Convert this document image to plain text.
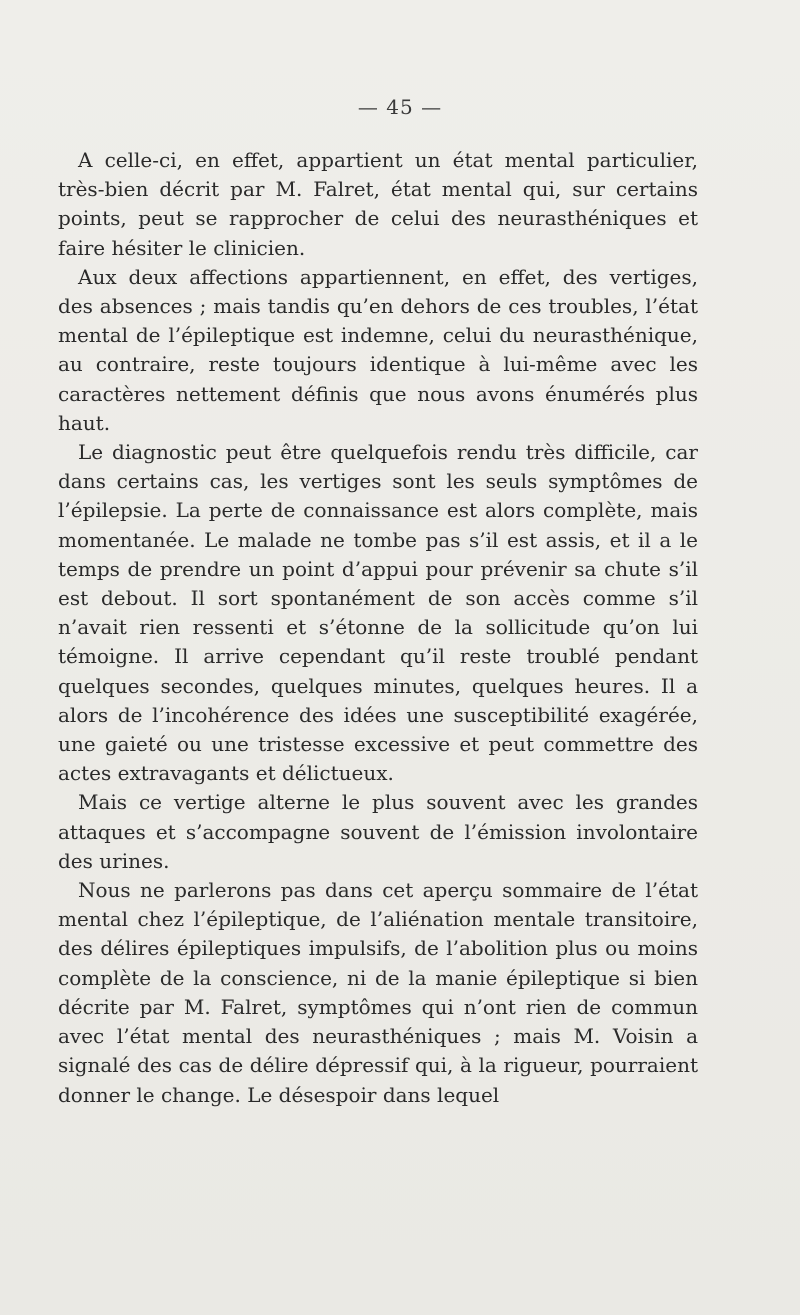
— 45 —

A celle-ci, en effet, appartient un état mental particulier, très-bien décrit par M. Falret, état mental qui, sur certains points, peut se rapprocher de celui des neurasthéniques et faire hésiter le clinicien.

Aux deux affections appartiennent, en effet, des vertiges, des absences ; mais tandis qu’en dehors de ces troubles, l’état mental de l’épileptique est indemne, celui du neurasthénique, au contraire, reste toujours identique à lui-même avec les caractères nettement définis que nous avons énumérés plus haut.

Le diagnostic peut être quelquefois rendu très difficile, car dans certains cas, les vertiges sont les seuls symptômes de l’épilepsie. La perte de connaissance est alors complète, mais momentanée. Le malade ne tombe pas s’il est assis, et il a le temps de prendre un point d’appui pour prévenir sa chute s’il est debout. Il sort spontanément de son accès comme s’il n’avait rien ressenti et s’étonne de la sollicitude qu’on lui témoigne. Il arrive cependant qu’il reste troublé pendant quelques secondes, quelques minutes, quelques heures. Il a alors de l’incohérence des idées une susceptibilité exagérée, une gaieté ou une tristesse excessive et peut commettre des actes extravagants et délictueux.

Mais ce vertige alterne le plus souvent avec les grandes attaques et s’accompagne souvent de l’émission involontaire des urines.

Nous ne parlerons pas dans cet aperçu sommaire de l’état mental chez l’épileptique, de l’aliénation mentale transitoire, des délires épileptiques impulsifs, de l’abolition plus ou moins complète de la conscience, ni de la manie épileptique si bien décrite par M. Falret, symptômes qui n’ont rien de commun avec l’état mental des neurasthéniques ; mais M. Voisin a signalé des cas de délire dépressif qui, à la rigueur, pourraient donner le change. Le désespoir dans lequel
